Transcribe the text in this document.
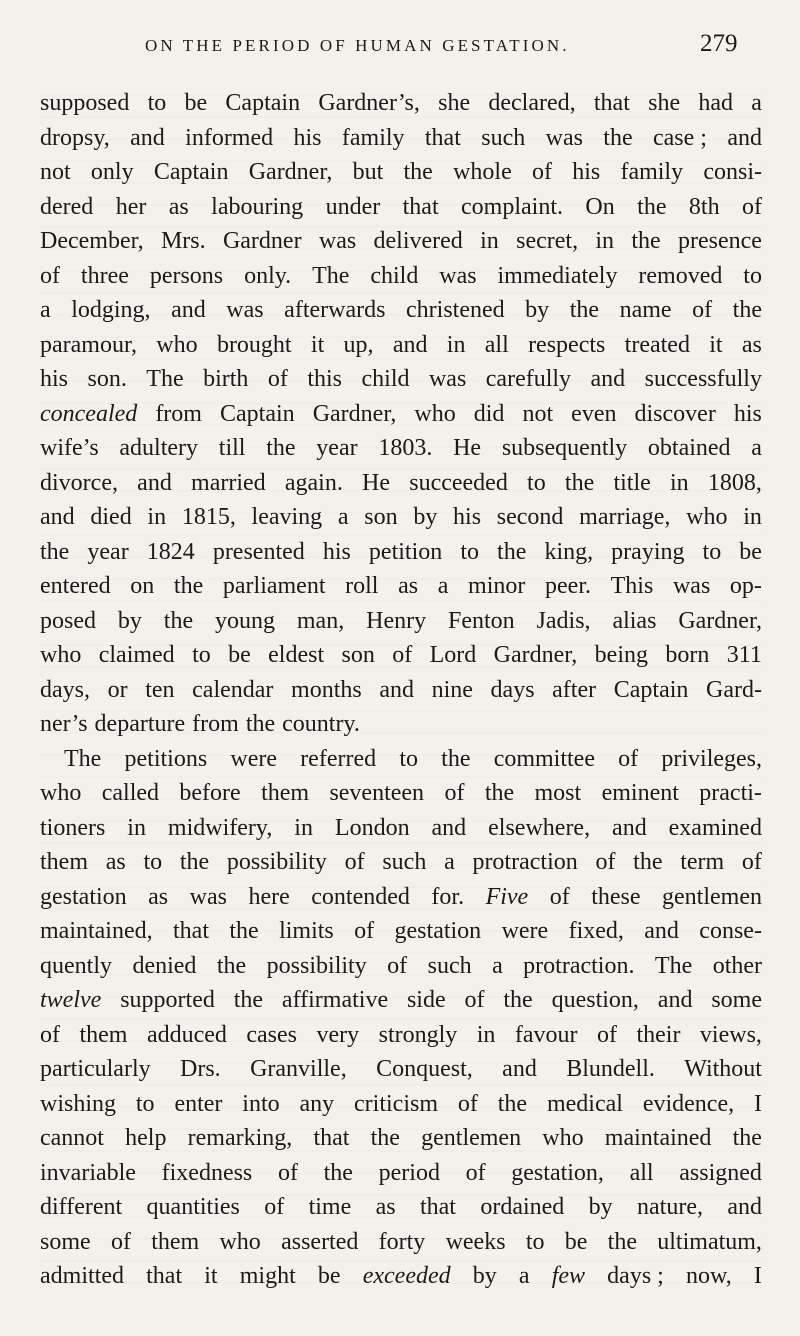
ON THE PERIOD OF HUMAN GESTATION.	279
supposed to be Captain Gardner’s, she declared, that she had a
dropsy, and informed his family that such was the case ; and
not only Captain Gardner, but the whole of his family consi-
dered her as labouring under that complaint. On the 8th of
December, Mrs. Gardner was delivered in secret, in the presence
of three persons only. The child was immediately removed to
a lodging, and was afterwards christened by the name of the
paramour, who brought it up, and in all respects treated it as
his son. The birth of this child was carefully and successfully
concealed from Captain Gardner, who did not even discover his
wife’s adultery till the year 1803. He subsequently obtained a
divorce, and married again. He succeeded to the title in 1808,
and died in 1815, leaving a son by his second marriage, who in
the year 1824 presented his petition to the king, praying to be
entered on the parliament roll as a minor peer. This was op-
posed by the young man, Henry Fenton Jadis, alias Gardner,
who claimed to be eldest son of Lord Gardner, being born 311
days, or ten calendar months and nine days after Captain Gard-
ner’s departure from the country.
The petitions were referred to the committee of privileges,
who called before them seventeen of the most eminent practi-
tioners in midwifery, in London and elsewhere, and examined
them as to the possibility of such a protraction of the term of
gestation as was here contended for. Five of these gentlemen
maintained, that the limits of gestation were fixed, and conse-
quently denied the possibility of such a protraction. The other
twelve supported the affirmative side of the question, and some
of them adduced cases very strongly in favour of their views,
particularly Drs. Granville, Conquest, and Blundell. Without
wishing to enter into any criticism of the medical evidence, I
cannot help remarking, that the gentlemen who maintained the
invariable fixedness of the period of gestation, all assigned
different quantities of time as that ordained by nature, and
some of them who asserted forty weeks to be the ultimatum,
admitted that it might be exceeded by a few days ; now, I
